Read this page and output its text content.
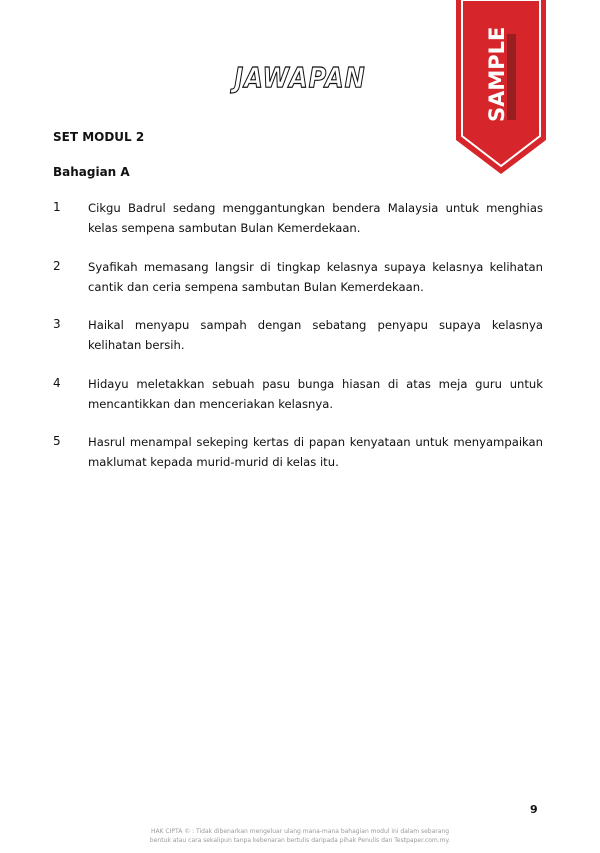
SAMPLE
JAWAPAN
SET MODUL 2
Bahagian A
1	Cikgu Badrul sedang menggantungkan bendera Malaysia untuk menghias kelas sempena sambutan Bulan Kemerdekaan.
2	Syafikah memasang langsir di tingkap kelasnya supaya kelasnya kelihatan cantik dan ceria sempena sambutan Bulan Kemerdekaan.
3	Haikal menyapu sampah dengan sebatang penyapu supaya kelasnya kelihatan bersih.
4	Hidayu meletakkan sebuah pasu bunga hiasan di atas meja guru untuk mencantikkan dan menceriakan kelasnya.
5	Hasrul menampal sekeping kertas di papan kenyataan untuk menyampaikan maklumat kepada murid-murid di kelas itu.
9
HAK CIPTA © : Tidak dibenarkan mengeluar ulang mana-mana bahagian modul ini dalam sebarang
bentuk atau cara sekalipun tanpa kebenaran bertulis daripada pihak Penulis dan Testpaper.com.my.
